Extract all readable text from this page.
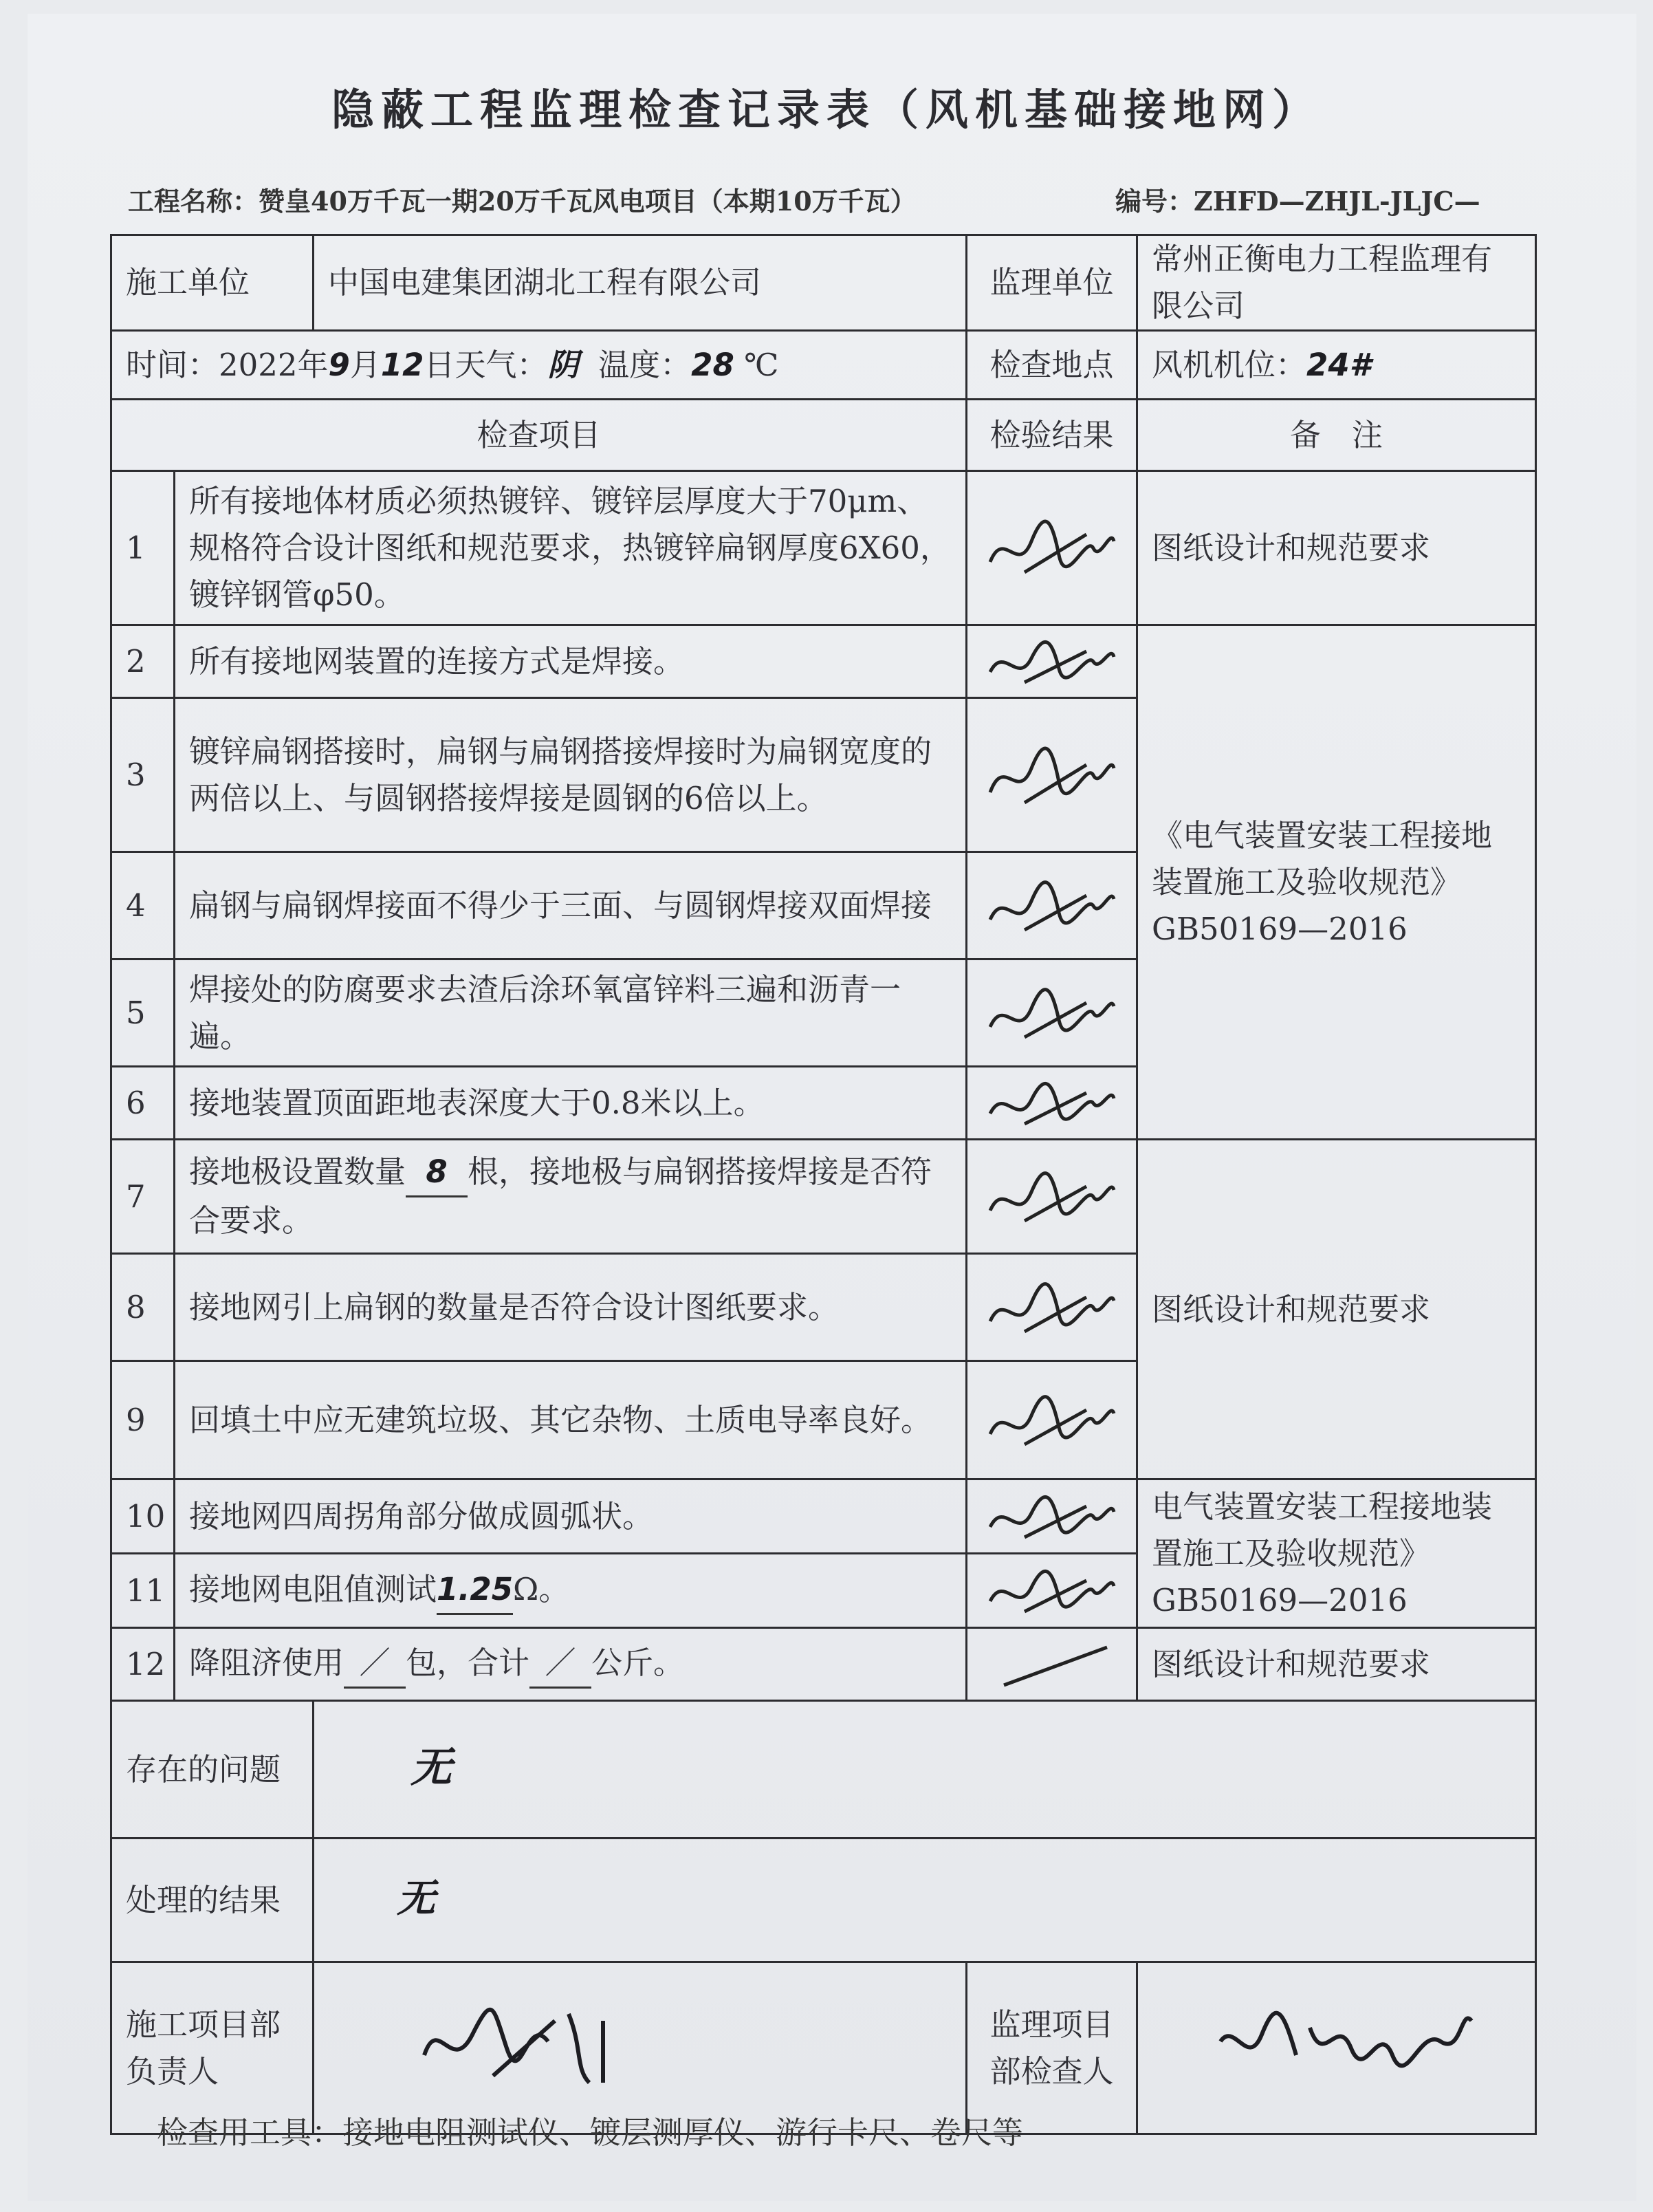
隐蔽工程监理检查记录表（风机基础接地网）
工程名称：赞皇40万千瓦一期20万千瓦风电项目（本期10万千瓦）	编号：ZHFD—ZHJL-JLJC—
施工单位		中国电建集团湖北工程有限公司	监理单位	常州正衡电力工程监理有限公司
时间：2022年9月12日天气：阴 温度：28 ℃			检查地点	风机机位：24#
检查项目			检验结果	备　注
1	所有接地体材质必须热镀锌、镀锌层厚度大于70μm、规格符合设计图纸和规范要求，热镀锌扁钢厚度6X60，镀锌钢管φ50。			图纸设计和规范要求
2	所有接地网装置的连接方式是焊接。			《电气装置安装工程接地装置施工及验收规范》GB50169—2016
3	镀锌扁钢搭接时，扁钢与扁钢搭接焊接时为扁钢宽度的两倍以上、与圆钢搭接焊接是圆钢的6倍以上。	

4	扁钢与扁钢焊接面不得少于三面、与圆钢焊接双面焊接	

5	焊接处的防腐要求去渣后涂环氧富锌料三遍和沥青一遍。	

6	接地装置顶面距地表深度大于0.8米以上。	

7	接地极设置数量 8 根，接地极与扁钢搭接焊接是否符合要求。			图纸设计和规范要求
8	接地网引上扁钢的数量是否符合设计图纸要求。	

9	回填土中应无建筑垃圾、其它杂物、土质电导率良好。	

10	接地网四周拐角部分做成圆弧状。			电气装置安装工程接地装置施工及验收规范》GB50169—2016
11	接地网电阻值测试1.25Ω。	

12	降阻济使用 ／ 包，合计 ／ 公斤。			图纸设计和规范要求
存在的问题		无		
处理的结果		无		
施工项目部负责人			监理项目部检查人	
检查用工具：接地电阻测试仪、镀层测厚仪、游行卡尺、卷尺等
